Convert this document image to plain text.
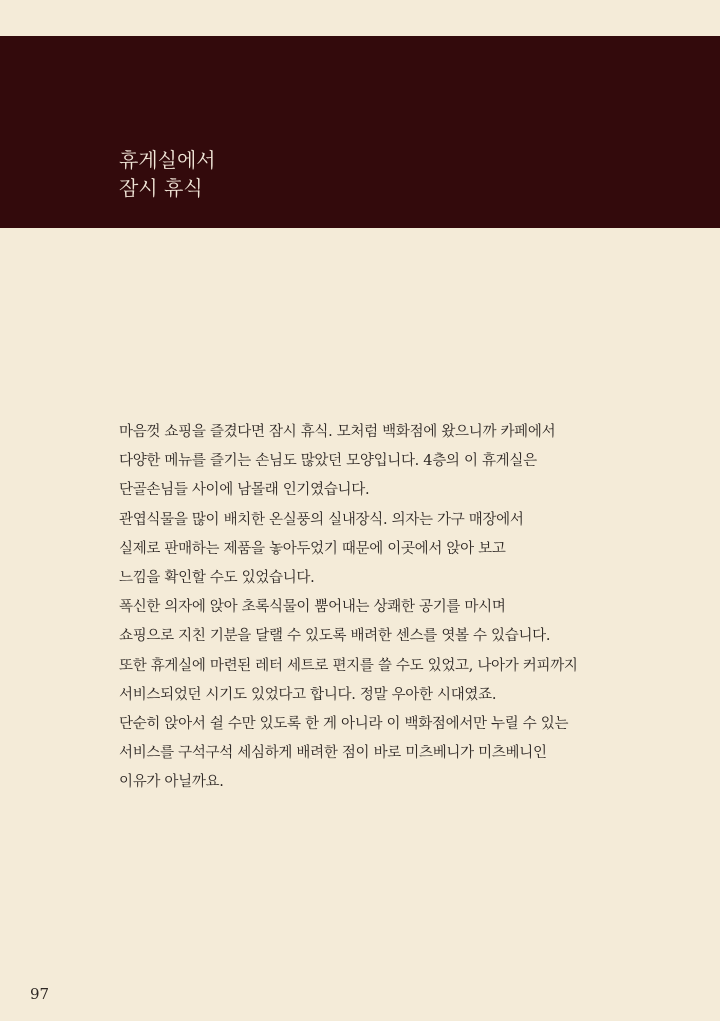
휴게실에서
잠시 휴식
마음껏 쇼핑을 즐겼다면 잠시 휴식. 모처럼 백화점에 왔으니까 카페에서
다양한 메뉴를 즐기는 손님도 많았던 모양입니다. 4층의 이 휴게실은
단골손님들 사이에 남몰래 인기였습니다.
관엽식물을 많이 배치한 온실풍의 실내장식. 의자는 가구 매장에서
실제로 판매하는 제품을 놓아두었기 때문에 이곳에서 앉아 보고
느낌을 확인할 수도 있었습니다.
폭신한 의자에 앉아 초록식물이 뿜어내는 상쾌한 공기를 마시며
쇼핑으로 지친 기분을 달랠 수 있도록 배려한 센스를 엿볼 수 있습니다.
또한 휴게실에 마련된 레터 세트로 편지를 쓸 수도 있었고, 나아가 커피까지
서비스되었던 시기도 있었다고 합니다. 정말 우아한 시대였죠.
단순히 앉아서 쉴 수만 있도록 한 게 아니라 이 백화점에서만 누릴 수 있는
서비스를 구석구석 세심하게 배려한 점이 바로 미츠베니가 미츠베니인
이유가 아닐까요.
97
